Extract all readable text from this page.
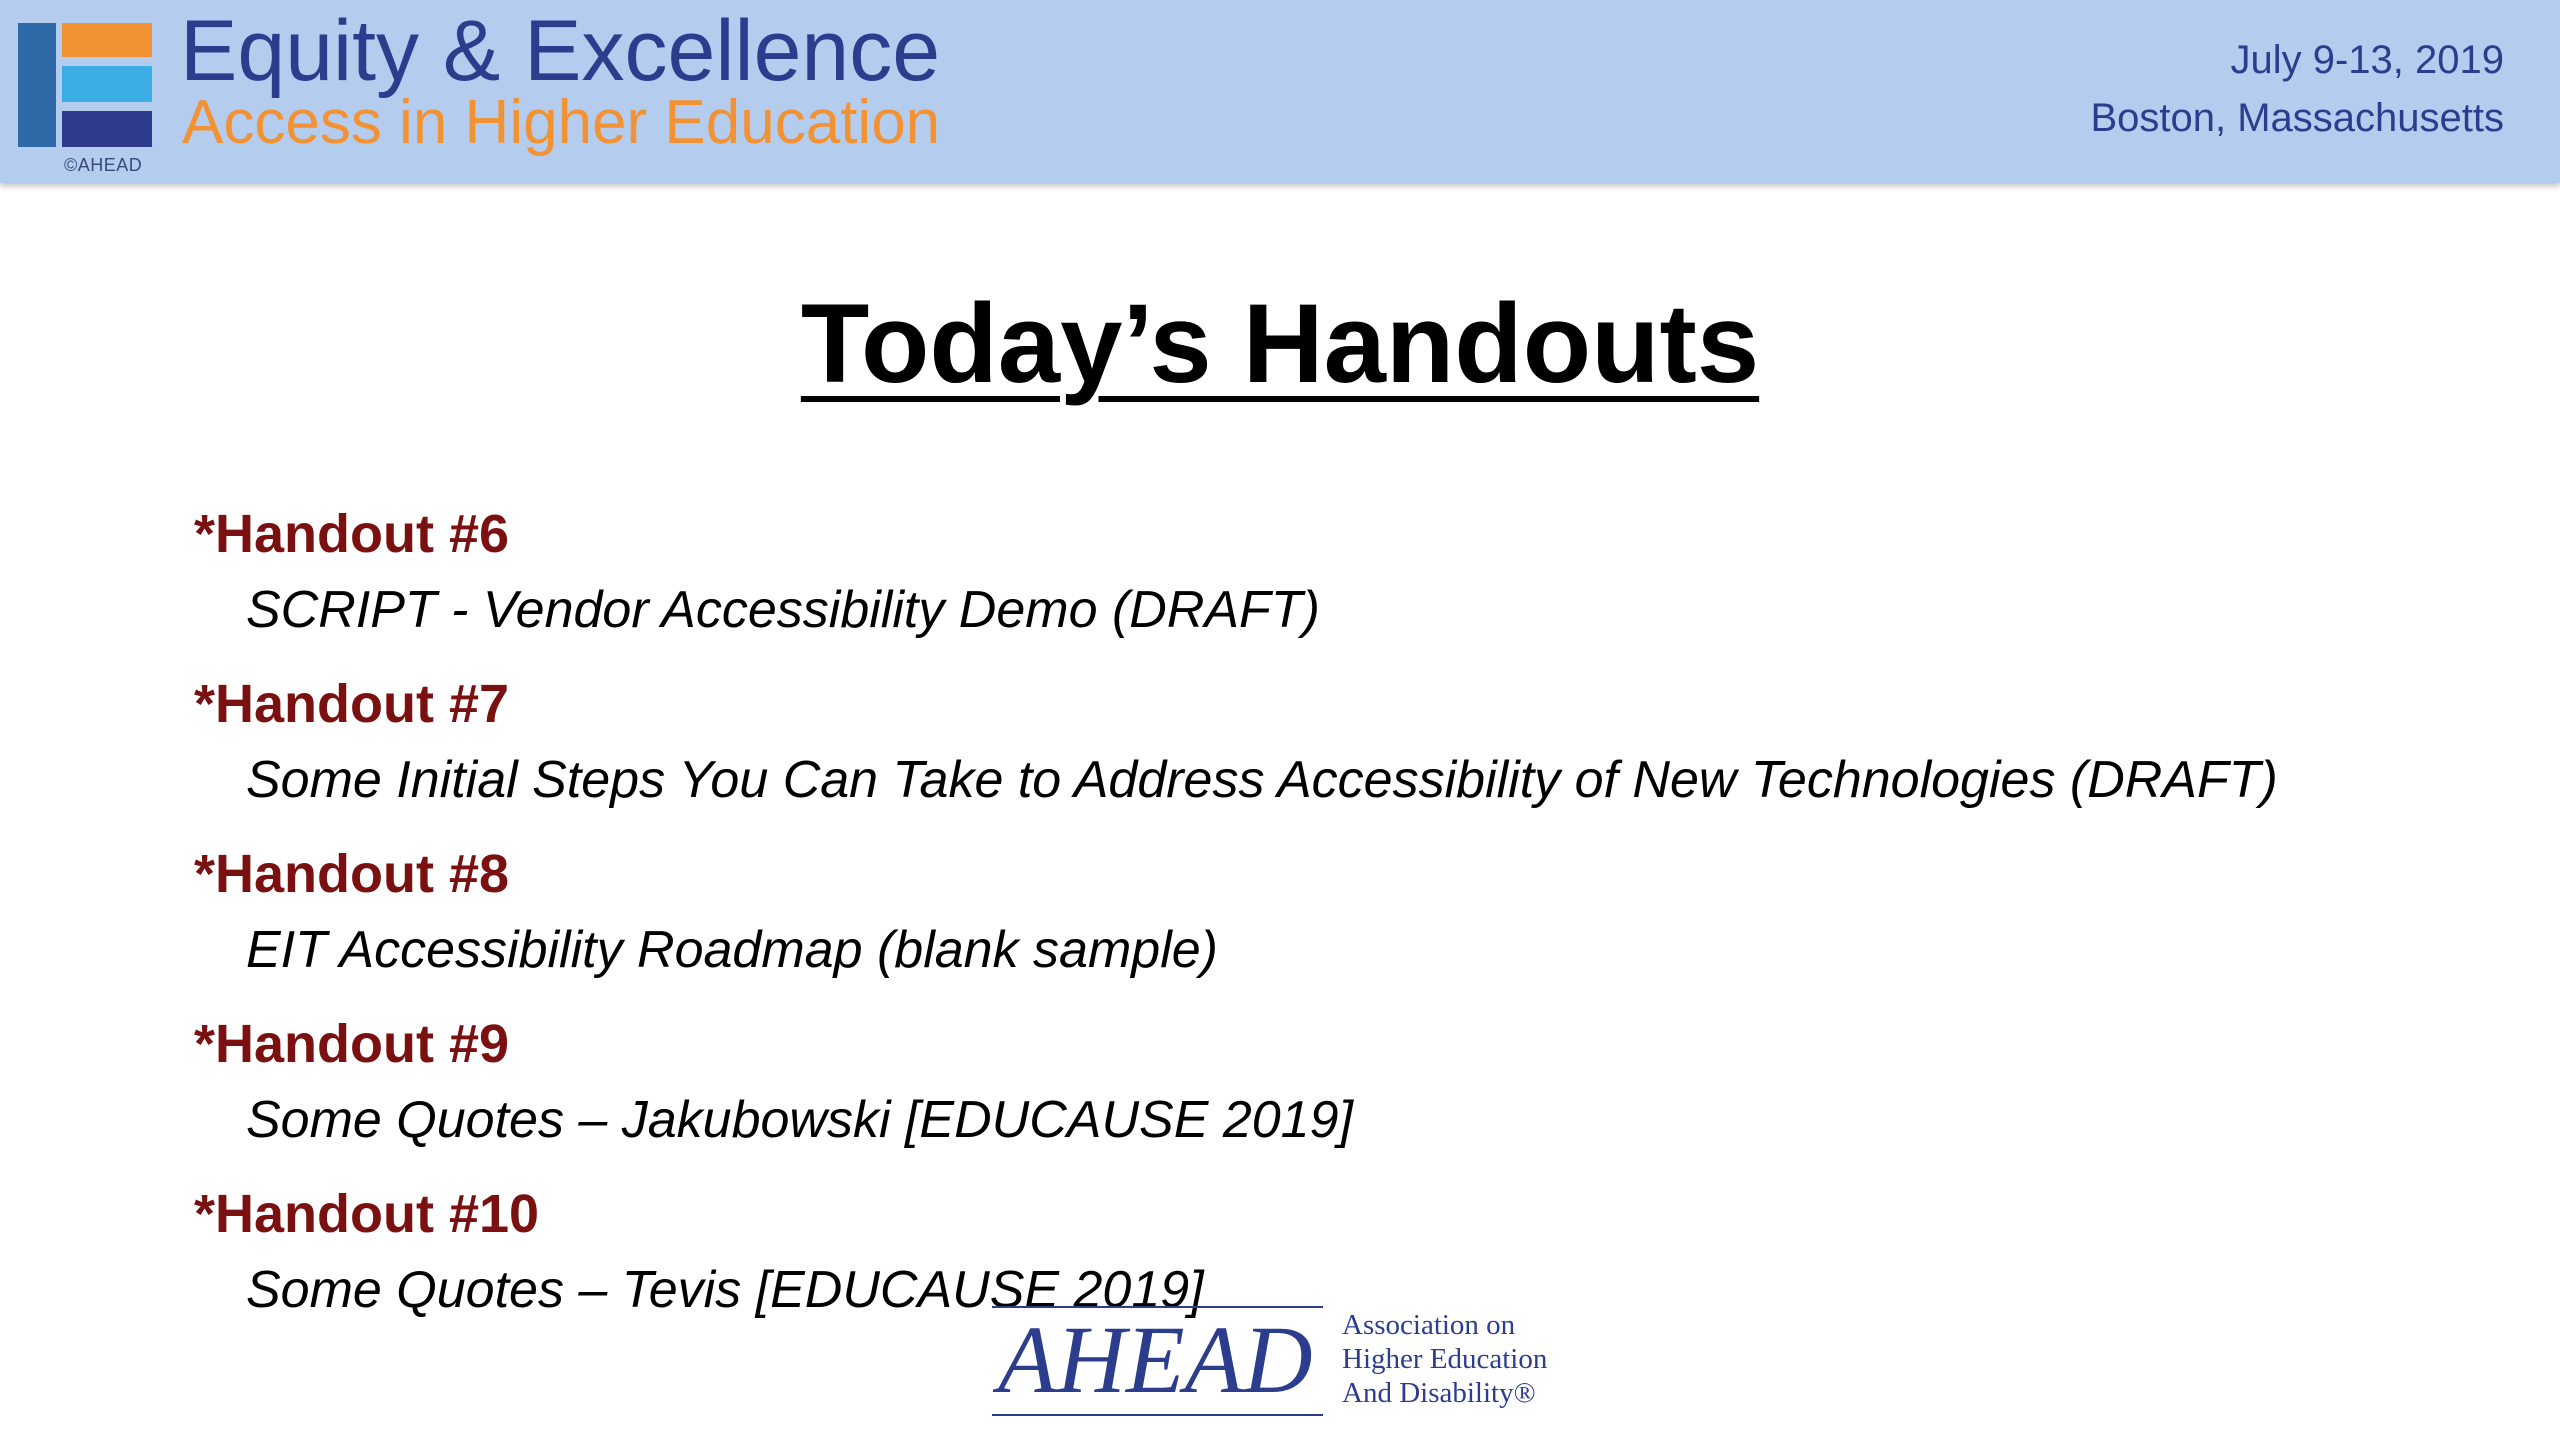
©AHEAD
Equity & Excellence
Access in Higher Education
July 9-13, 2019
Boston, Massachusetts
Today’s Handouts
*Handout #6
SCRIPT - Vendor Accessibility Demo (DRAFT)
*Handout #7
Some Initial Steps You Can Take to Address Accessibility of New Technologies (DRAFT)
*Handout #8
EIT Accessibility Roadmap (blank sample)
*Handout #9
Some Quotes – Jakubowski [EDUCAUSE 2019]
*Handout #10
Some Quotes – Tevis [EDUCAUSE 2019]
AHEAD	Association on
Higher Education
And Disability®
